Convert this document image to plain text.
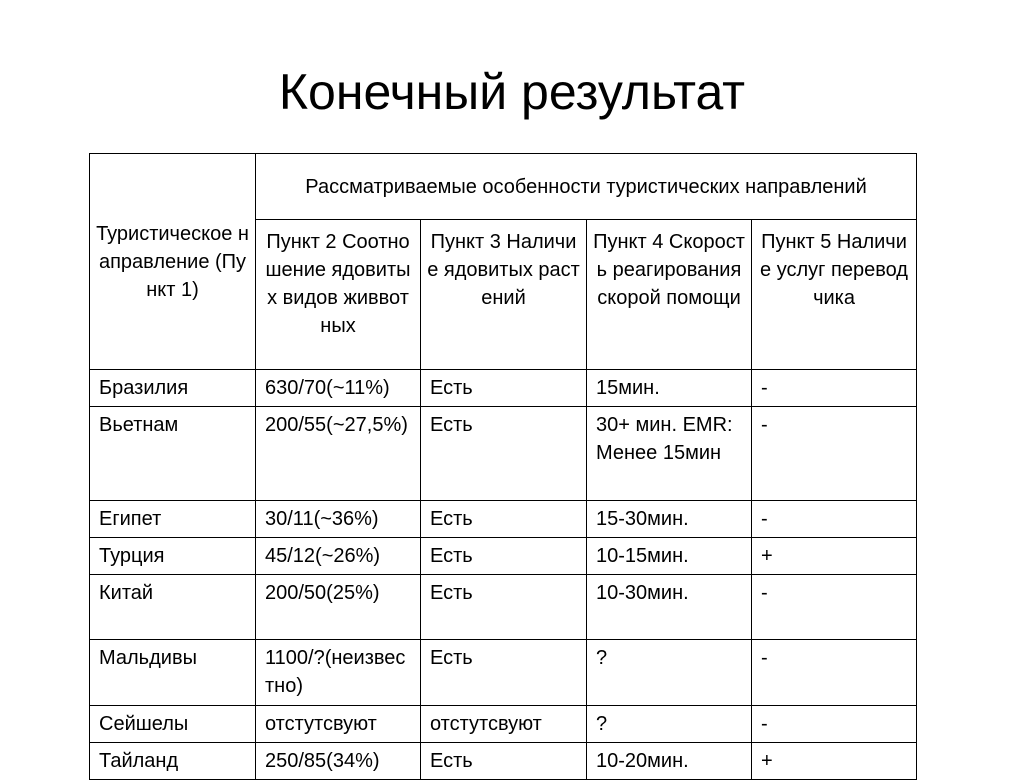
Конечный результат
Туристическое направление (Пункт 1)	Рассматриваемые особенности туристических направлений			
	Пункт 2 Соотношение ядовитых видов живвотных	Пункт 3 Наличие ядовитых растений	Пункт 4 Скорость реагирования скорой помощи	Пункт 5 Наличие услуг переводчика
Бразилия	630/70(~11%)	Есть	15мин.	-
Вьетнам	200/55(~27,5%)	Есть	30+ мин. EMR: Менее 15мин	-
Египет	30/11(~36%)	Есть	15-30мин.	-
Турция	45/12(~26%)	Есть	10-15мин.	+
Китай	200/50(25%)	Есть	10-30мин.	-
Мальдивы	1100/?(неизвестно)	Есть	?	-
Сейшелы	отстутсвуют	отстутсвуют	?	-
Тайланд	250/85(34%)	Есть	10-20мин.	+
